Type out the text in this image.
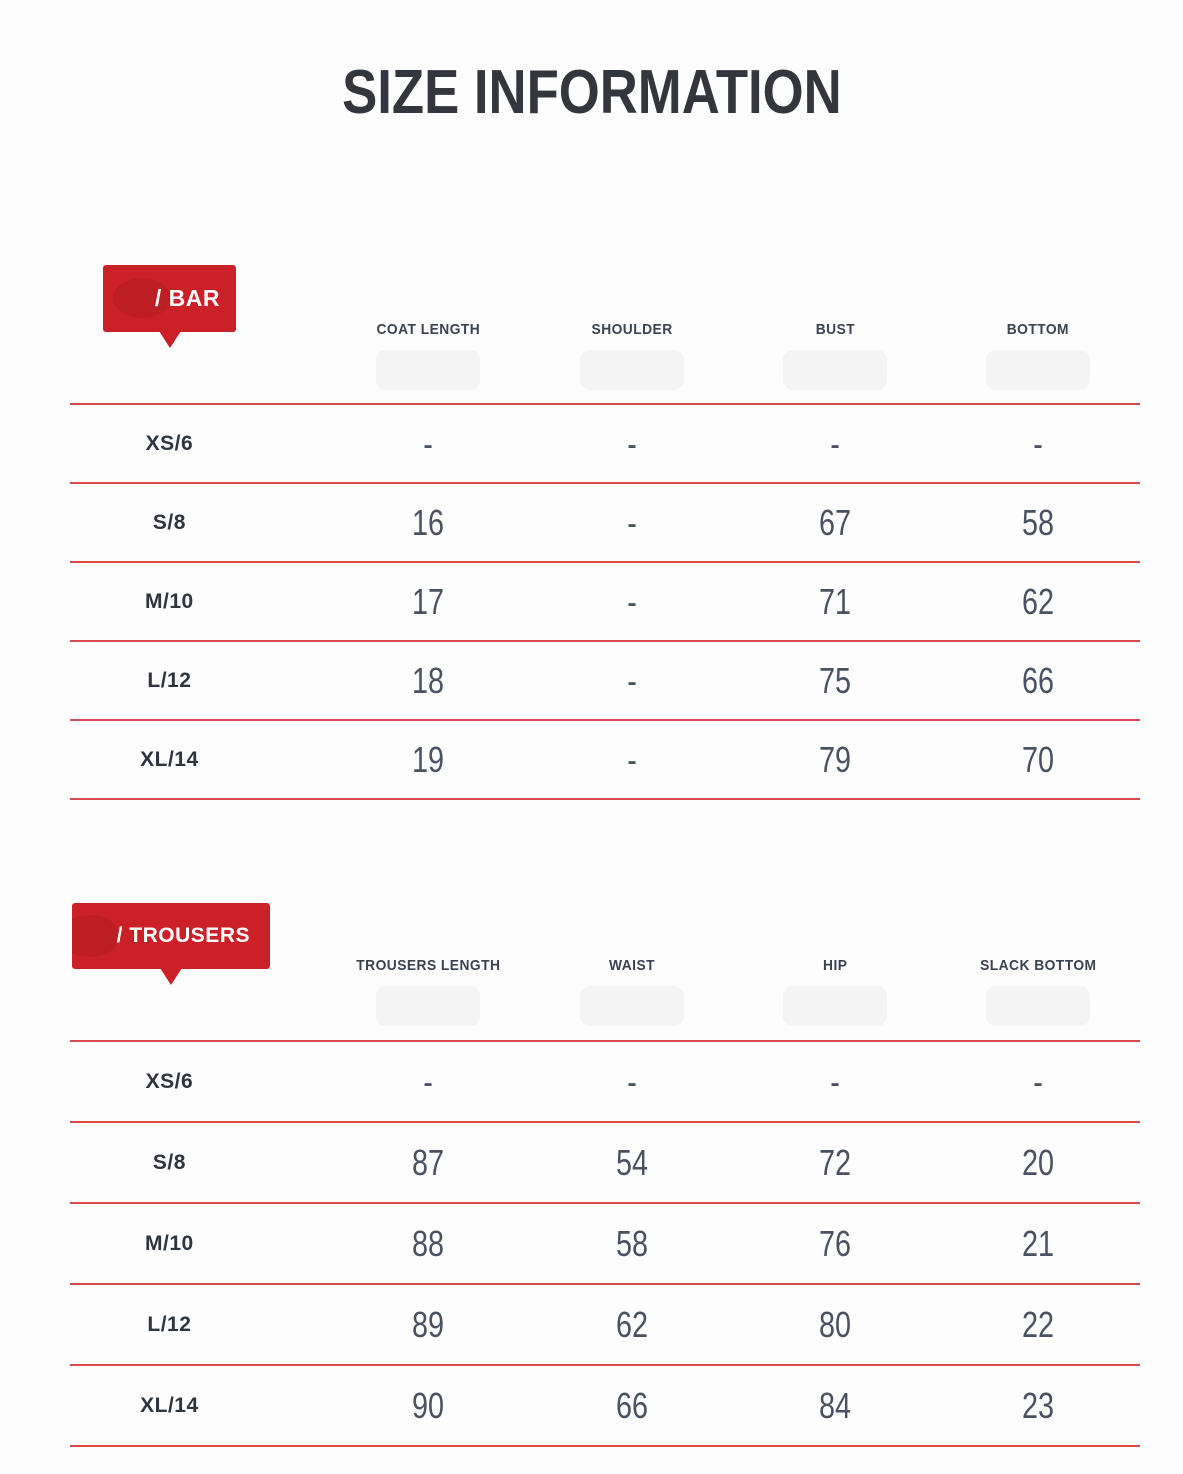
SIZE INFORMATION
/ BAR
COAT LENGTH	SHOULDER	BUST	BOTTOM
XS/6	-	-	-	-
S/8	16	-	67	58
M/10	17	-	71	62
L/12	18	-	75	66
XL/14	19	-	79	70
/ TROUSERS
TROUSERS LENGTH	WAIST	HIP	SLACK BOTTOM
XS/6	-	-	-	-
S/8	87	54	72	20
M/10	88	58	76	21
L/12	89	62	80	22
XL/14	90	66	84	23
